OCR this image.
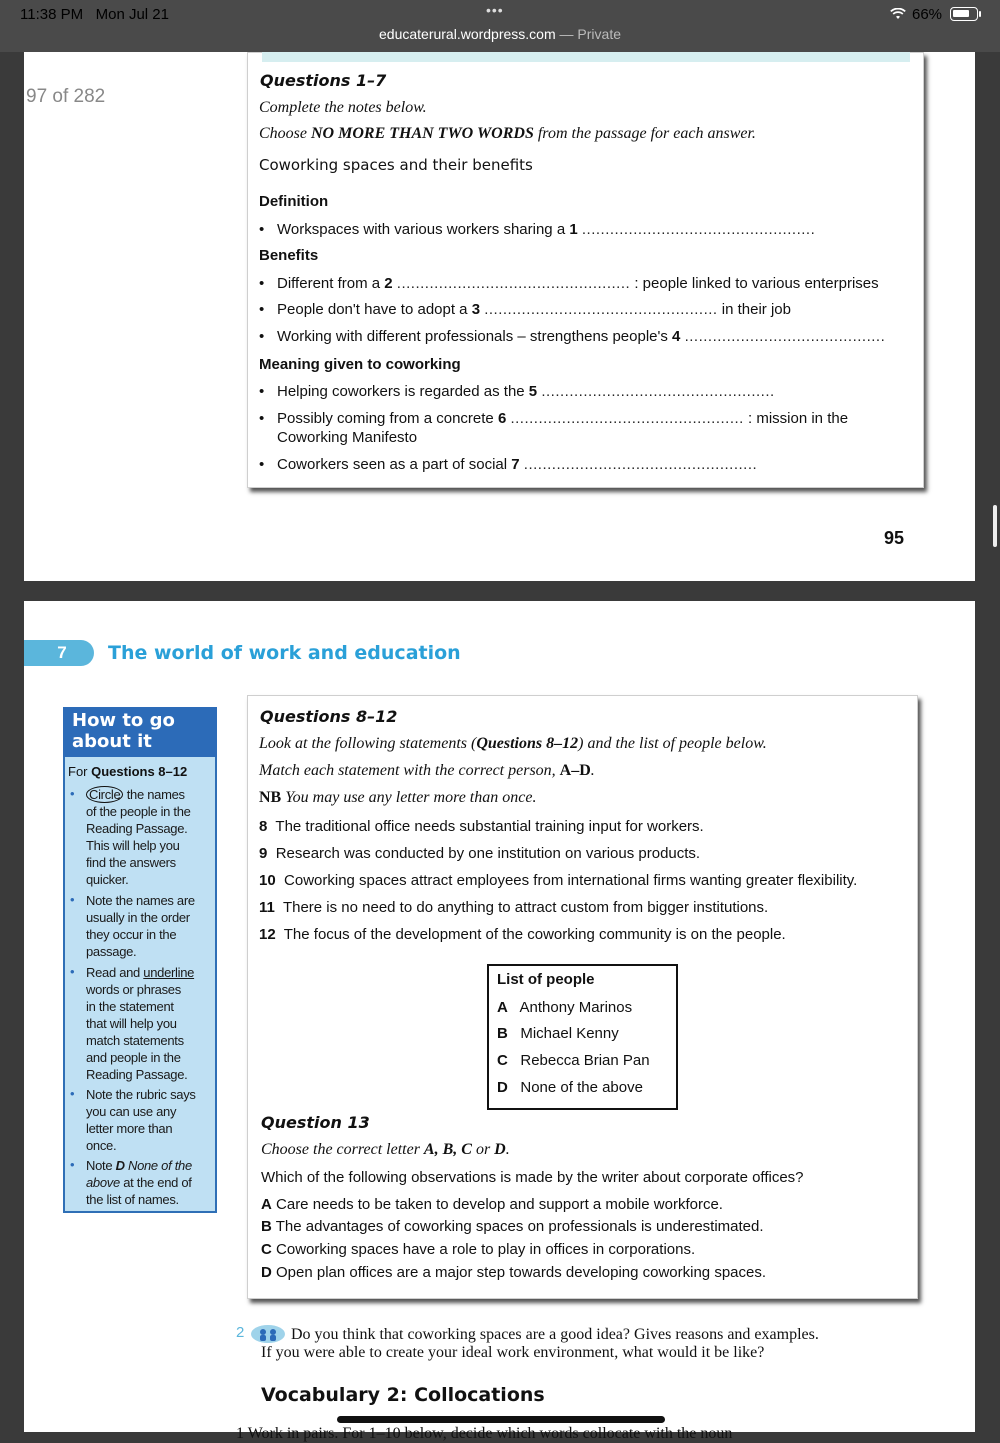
11:38 PM Mon Jul 21	•••	66%
educaterural.wordpress.com — Private
97 of 282
Questions 1–7
Complete the notes below.
Choose NO MORE THAN TWO WORDS from the passage for each answer.
Coworking spaces and their benefits
Definition
• Workspaces with various workers sharing a 1 ..................................................
Benefits
• Different from a 2 .................................................. : people linked to various enterprises
• People don't have to adopt a 3 .................................................. in their job
• Working with different professionals – strengthens people's 4 ...........................................
Meaning given to coworking
• Helping coworkers is regarded as the 5 ..................................................
• Possibly coming from a concrete 6 .................................................. : mission in the
Coworking Manifesto
• Coworkers seen as a part of social 7 ..................................................
95
7	The world of work and education
How to go
about it
For Questions 8–12
• Circle the names
of the people in the
Reading Passage.
This will help you
find the answers
quicker.
• Note the names are
usually in the order
they occur in the
passage.
• Read and underline
words or phrases
in the statement
that will help you
match statements
and people in the
Reading Passage.
• Note the rubric says
you can use any
letter more than
once.
• Note D None of the
above at the end of
the list of names.
Questions 8–12
Look at the following statements (Questions 8–12) and the list of people below.
Match each statement with the correct person, A–D.
NB You may use any letter more than once.
8 The traditional office needs substantial training input for workers.
9 Research was conducted by one institution on various products.
10 Coworking spaces attract employees from international firms wanting greater flexibility.
11 There is no need to do anything to attract custom from bigger institutions.
12 The focus of the development of the coworking community is on the people.
List of people
A Anthony Marinos
B Michael Kenny
C Rebecca Brian Pan
D None of the above
Question 13
Choose the correct letter A, B, C or D.
Which of the following observations is made by the writer about corporate offices?
A Care needs to be taken to develop and support a mobile workforce.
B The advantages of coworking spaces on professionals is underestimated.
C Coworking spaces have a role to play in offices in corporations.
D Open plan offices are a major step towards developing coworking spaces.
2	Do you think that coworking spaces are a good idea? Gives reasons and examples.
If you were able to create your ideal work environment, what would it be like?
Vocabulary 2: Collocations
1 Work in pairs. For 1–10 below, decide which words collocate with the noun
